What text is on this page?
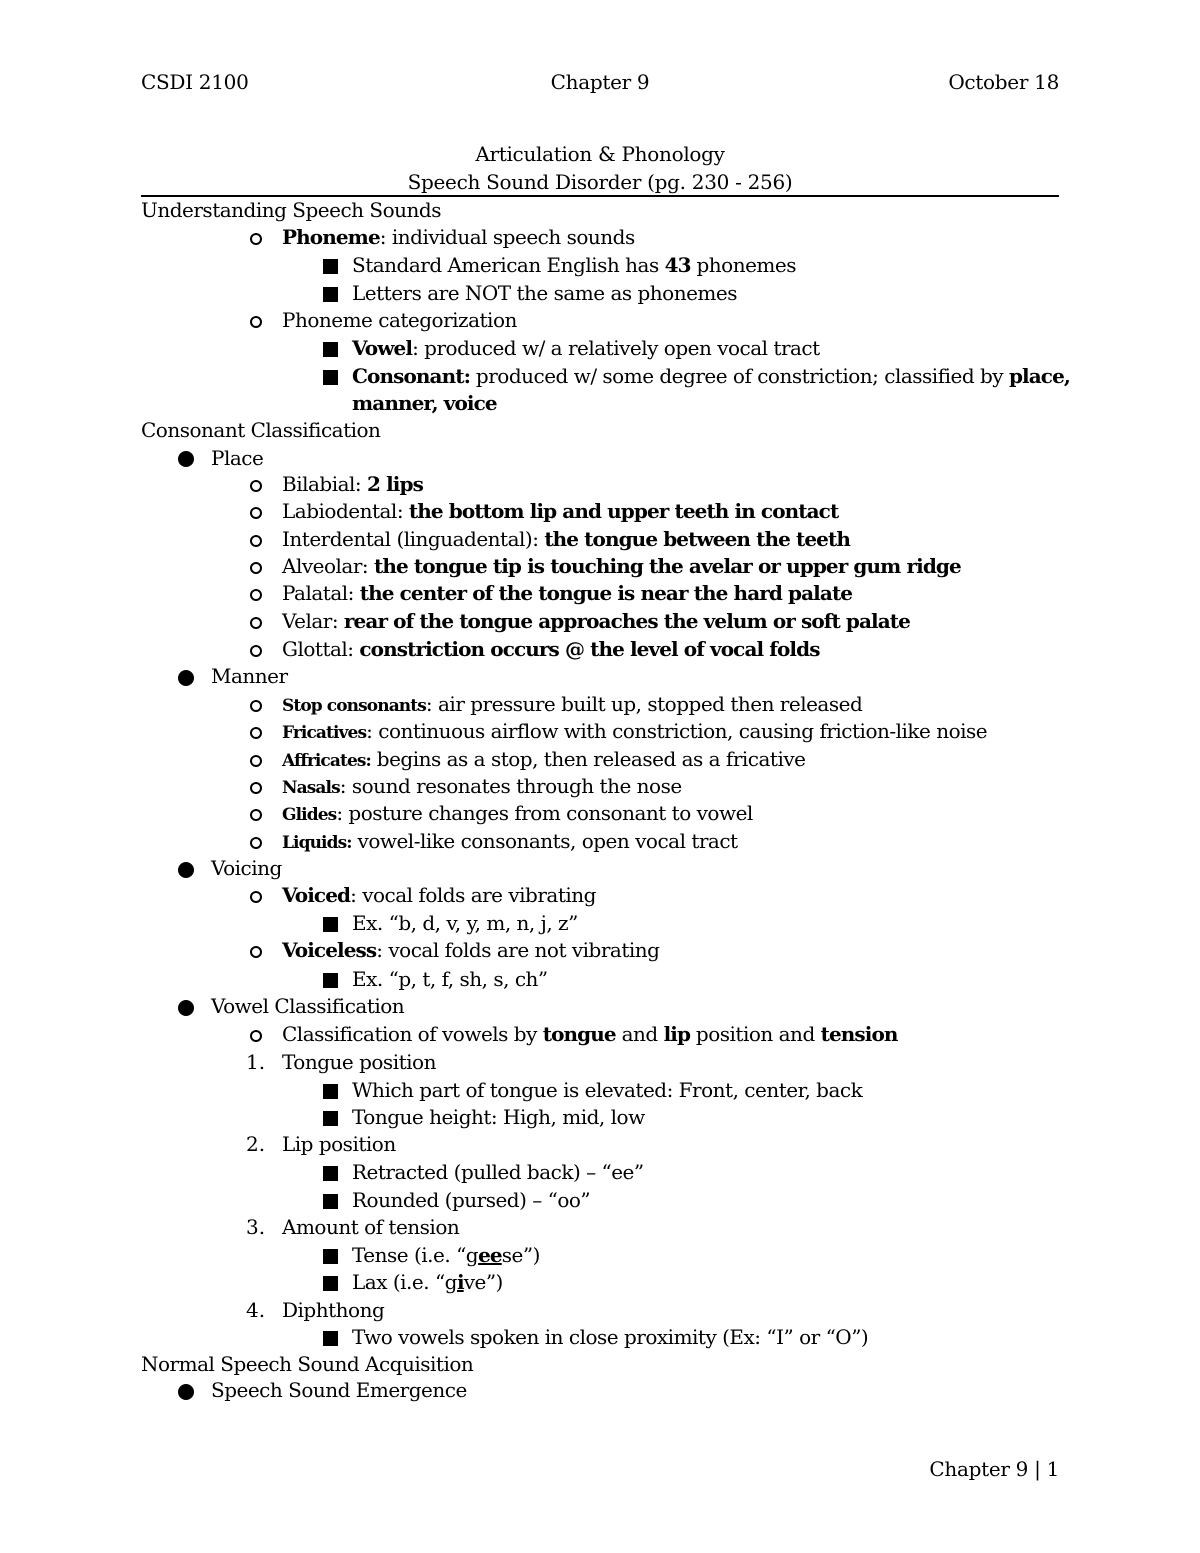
CSDI 2100	Chapter 9	October 18
Articulation & Phonology
Speech Sound Disorder (pg. 230 - 256)
Understanding Speech Sounds
Phoneme: individual speech sounds
Standard American English has 43 phonemes
Letters are NOT the same as phonemes
Phoneme categorization
Vowel: produced w/ a relatively open vocal tract
Consonant: produced w/ some degree of constriction; classified by place,
manner, voice
Consonant Classification
Place
Bilabial: 2 lips
Labiodental: the bottom lip and upper teeth in contact
Interdental (linguadental): the tongue between the teeth
Alveolar: the tongue tip is touching the avelar or upper gum ridge
Palatal: the center of the tongue is near the hard palate
Velar: rear of the tongue approaches the velum or soft palate
Glottal: constriction occurs @ the level of vocal folds
Manner
Stop consonants: air pressure built up, stopped then released
Fricatives: continuous airflow with constriction, causing friction-like noise
Affricates: begins as a stop, then released as a fricative
Nasals: sound resonates through the nose
Glides: posture changes from consonant to vowel
Liquids: vowel-like consonants, open vocal tract
Voicing
Voiced: vocal folds are vibrating
Ex. “b, d, v, y, m, n, j, z”
Voiceless: vocal folds are not vibrating
Ex. “p, t, f, sh, s, ch”
Vowel Classification
Classification of vowels by tongue and lip position and tension
1. Tongue position
Which part of tongue is elevated: Front, center, back
Tongue height: High, mid, low
2. Lip position
Retracted (pulled back) – “ee”
Rounded (pursed) – “oo”
3. Amount of tension
Tense (i.e. “geese”)
Lax (i.e. “give”)
4. Diphthong
Two vowels spoken in close proximity (Ex: “I” or “O”)
Normal Speech Sound Acquisition
Speech Sound Emergence
Chapter 9 | 1
